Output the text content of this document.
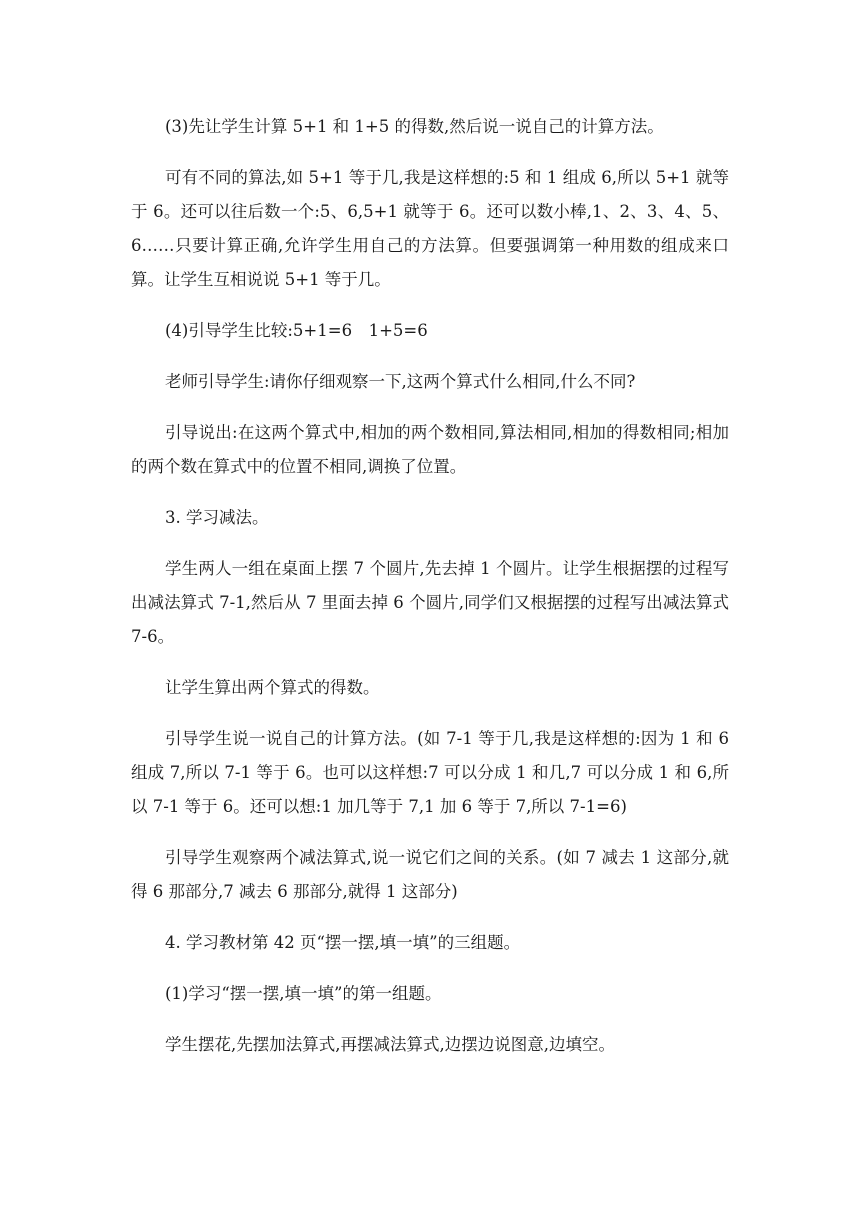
(3)先让学生计算 5+1 和 1+5 的得数,然后说一说自己的计算方法。

可有不同的算法,如 5+1 等于几,我是这样想的:5 和 1 组成 6,所以 5+1 就等于 6。还可以往后数一个:5、6,5+1 就等于 6。还可以数小棒,1、2、3、4、5、6……只要计算正确,允许学生用自己的方法算。但要强调第一种用数的组成来口算。让学生互相说说 5+1 等于几。

(4)引导学生比较:5+1=6　1+5=6

老师引导学生:请你仔细观察一下,这两个算式什么相同,什么不同?

引导说出:在这两个算式中,相加的两个数相同,算法相同,相加的得数相同;相加的两个数在算式中的位置不相同,调换了位置。

3. 学习减法。

学生两人一组在桌面上摆 7 个圆片,先去掉 1 个圆片。让学生根据摆的过程写出减法算式 7-1,然后从 7 里面去掉 6 个圆片,同学们又根据摆的过程写出减法算式 7-6。

让学生算出两个算式的得数。

引导学生说一说自己的计算方法。(如 7-1 等于几,我是这样想的:因为 1 和 6 组成 7,所以 7-1 等于 6。也可以这样想:7 可以分成 1 和几,7 可以分成 1 和 6,所以 7-1 等于 6。还可以想:1 加几等于 7,1 加 6 等于 7,所以 7-1=6)

引导学生观察两个减法算式,说一说它们之间的关系。(如 7 减去 1 这部分,就得 6 那部分,7 减去 6 那部分,就得 1 这部分)

4. 学习教材第 42 页“摆一摆,填一填”的三组题。

(1)学习“摆一摆,填一填”的第一组题。

学生摆花,先摆加法算式,再摆减法算式,边摆边说图意,边填空。
